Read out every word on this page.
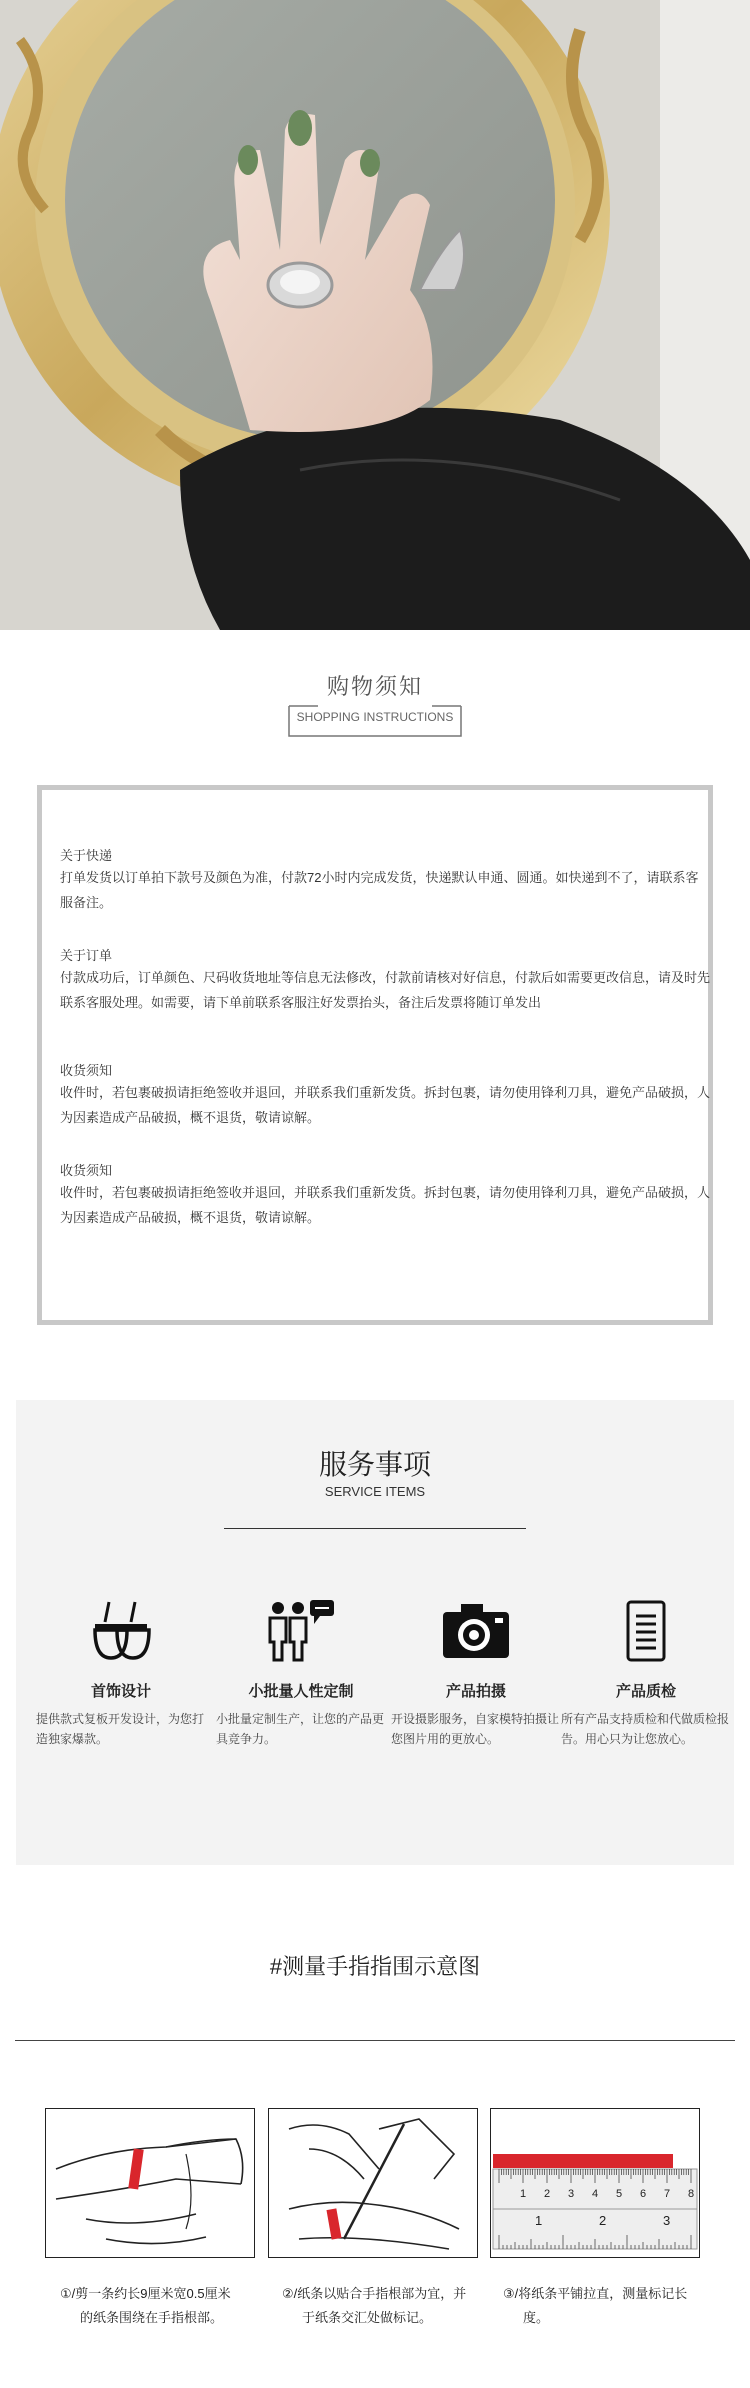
购物须知
SHOPPING INSTRUCTIONS
关于快递
打单发货以订单拍下款号及颜色为准，付款72小时内完成发货，快递默认申通、圆通。如快递到不了，请联系客服备注。
关于订单
付款成功后，订单颜色、尺码收货地址等信息无法修改，付款前请核对好信息，付款后如需要更改信息，请及时先联系客服处理。如需要，请下单前联系客服注好发票抬头，备注后发票将随订单发出
收货须知
收件时，若包裹破损请拒绝签收并退回，并联系我们重新发货。拆封包裹，请勿使用锋利刀具，避免产品破损，人为因素造成产品破损，概不退货，敬请谅解。
收货须知
收件时，若包裹破损请拒绝签收并退回，并联系我们重新发货。拆封包裹，请勿使用锋利刀具，避免产品破损，人为因素造成产品破损，概不退货，敬请谅解。
服务事项
SERVICE ITEMS
首饰设计
提供款式复板开发设计，为您打造独家爆款。
小批量人性定制
小批量定制生产，让您的产品更具竞争力。
产品拍摄
开设摄影服务，自家模特拍摄让您图片用的更放心。
产品质检
所有产品支持质检和代做质检报告。用心只为让您放心。
#测量手指指围示意图
①/剪一条约长9厘米宽0.5厘米
的纸条围绕在手指根部。
②/纸条以贴合手指根部为宜，并
于纸条交汇处做标记。
1 2 3 4 5 6 7 8
1	2	3
③/将纸条平铺拉直，测量标记长
度。
